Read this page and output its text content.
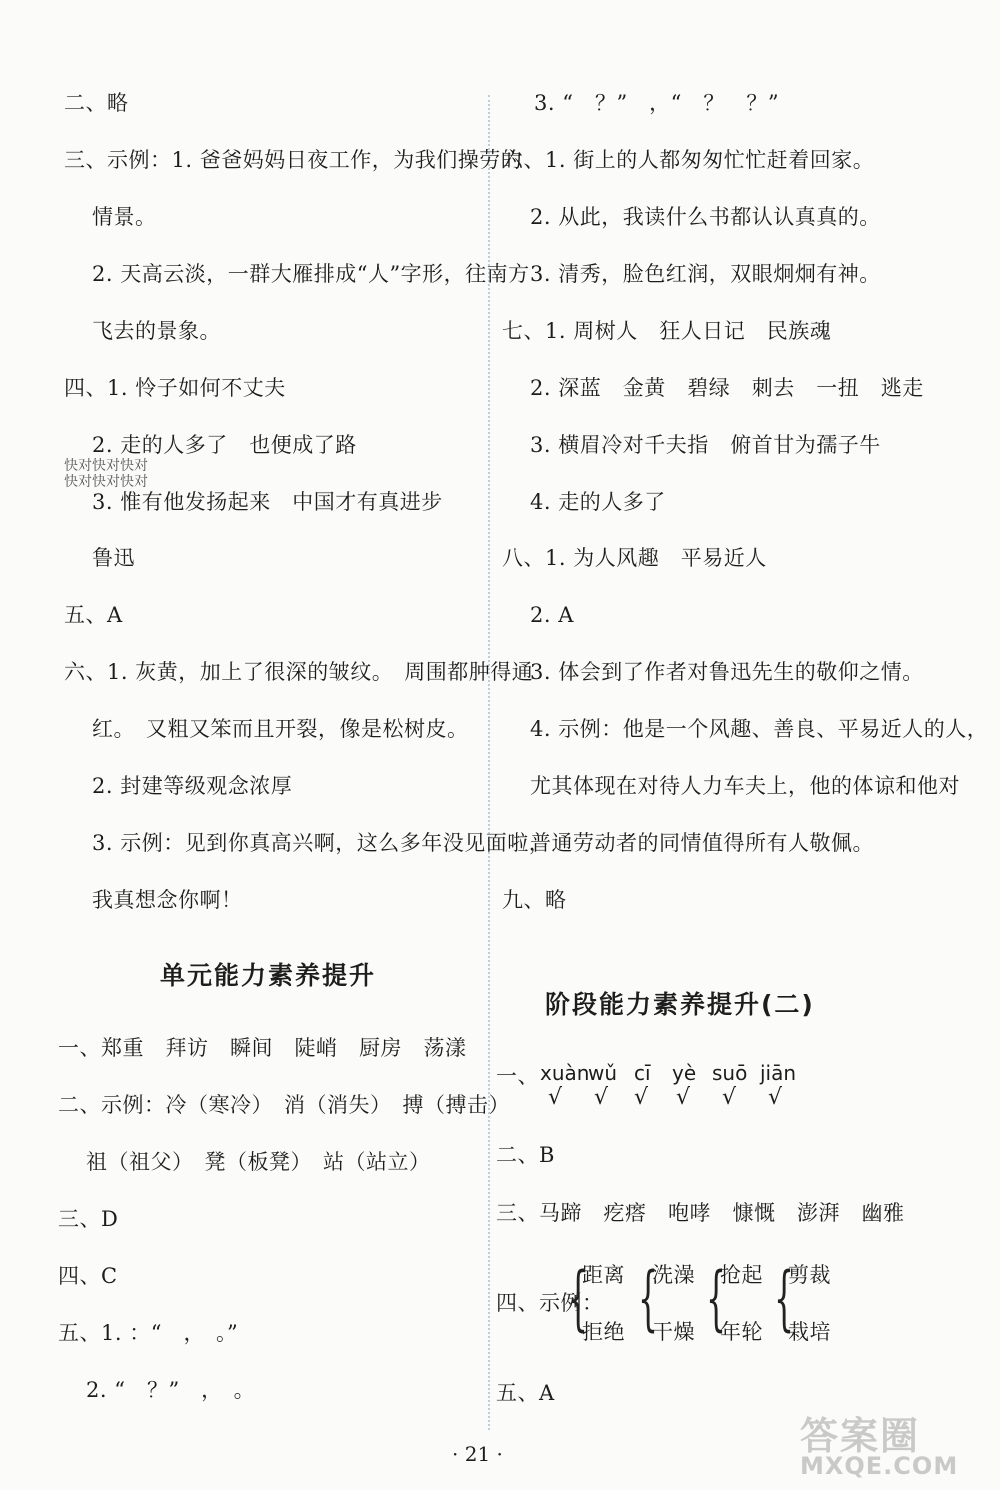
二、略
三、示例：1. 爸爸妈妈日夜工作，为我们操劳的
情景。
2. 天高云淡，一群大雁排成“人”字形，往南方
飞去的景象。
四、1. 怜子如何不丈夫
2. 走的人多了　也便成了路
3. 惟有他发扬起来　中国才有真进步
鲁迅
五、A
六、1. 灰黄，加上了很深的皱纹。　周围都肿得通
红。　又粗又笨而且开裂，像是松树皮。
2. 封建等级观念浓厚
3. 示例：见到你真高兴啊，这么多年没见面啦，
我真想念你啊！
单元能力素养提升
一、郑重　拜访　瞬间　陡峭　厨房　荡漾
二、示例：冷（寒冷）　消（消失）　搏（搏击）
祖（祖父）　凳（板凳）　站（站立）
三、D
四、C
五、1. ：“　，　。”
2. “　？”　，　。
快对快对快对
快对快对快对
3. “　？”　，“　？　？”
六、1. 街上的人都匆匆忙忙赶着回家。
2. 从此，我读什么书都认认真真的。
3. 清秀，脸色红润，双眼炯炯有神。
七、1. 周树人　狂人日记　民族魂
2. 深蓝　金黄　碧绿　刺去　一扭　逃走
3. 横眉冷对千夫指　俯首甘为孺子牛
4. 走的人多了
八、1. 为人风趣　平易近人
2. A
3. 体会到了作者对鲁迅先生的敬仰之情。
4. 示例：他是一个风趣、善良、平易近人的人，
尤其体现在对待人力车夫上，他的体谅和他对
普通劳动者的同情值得所有人敬佩。
九、略
阶段能力素养提升(二)
一、 xuàn
wǔ cī yè suō jiān
√ √ √ √ √ √
二、B
三、马蹄　疙瘩　咆哮　慷慨　澎湃　幽雅
四、示例：
{
距离
拒绝 {
洗澡
干燥 {
抢起
年轮 {
剪裁
栽培
五、A
· 21 ·	答案圈
MXQE.COM
